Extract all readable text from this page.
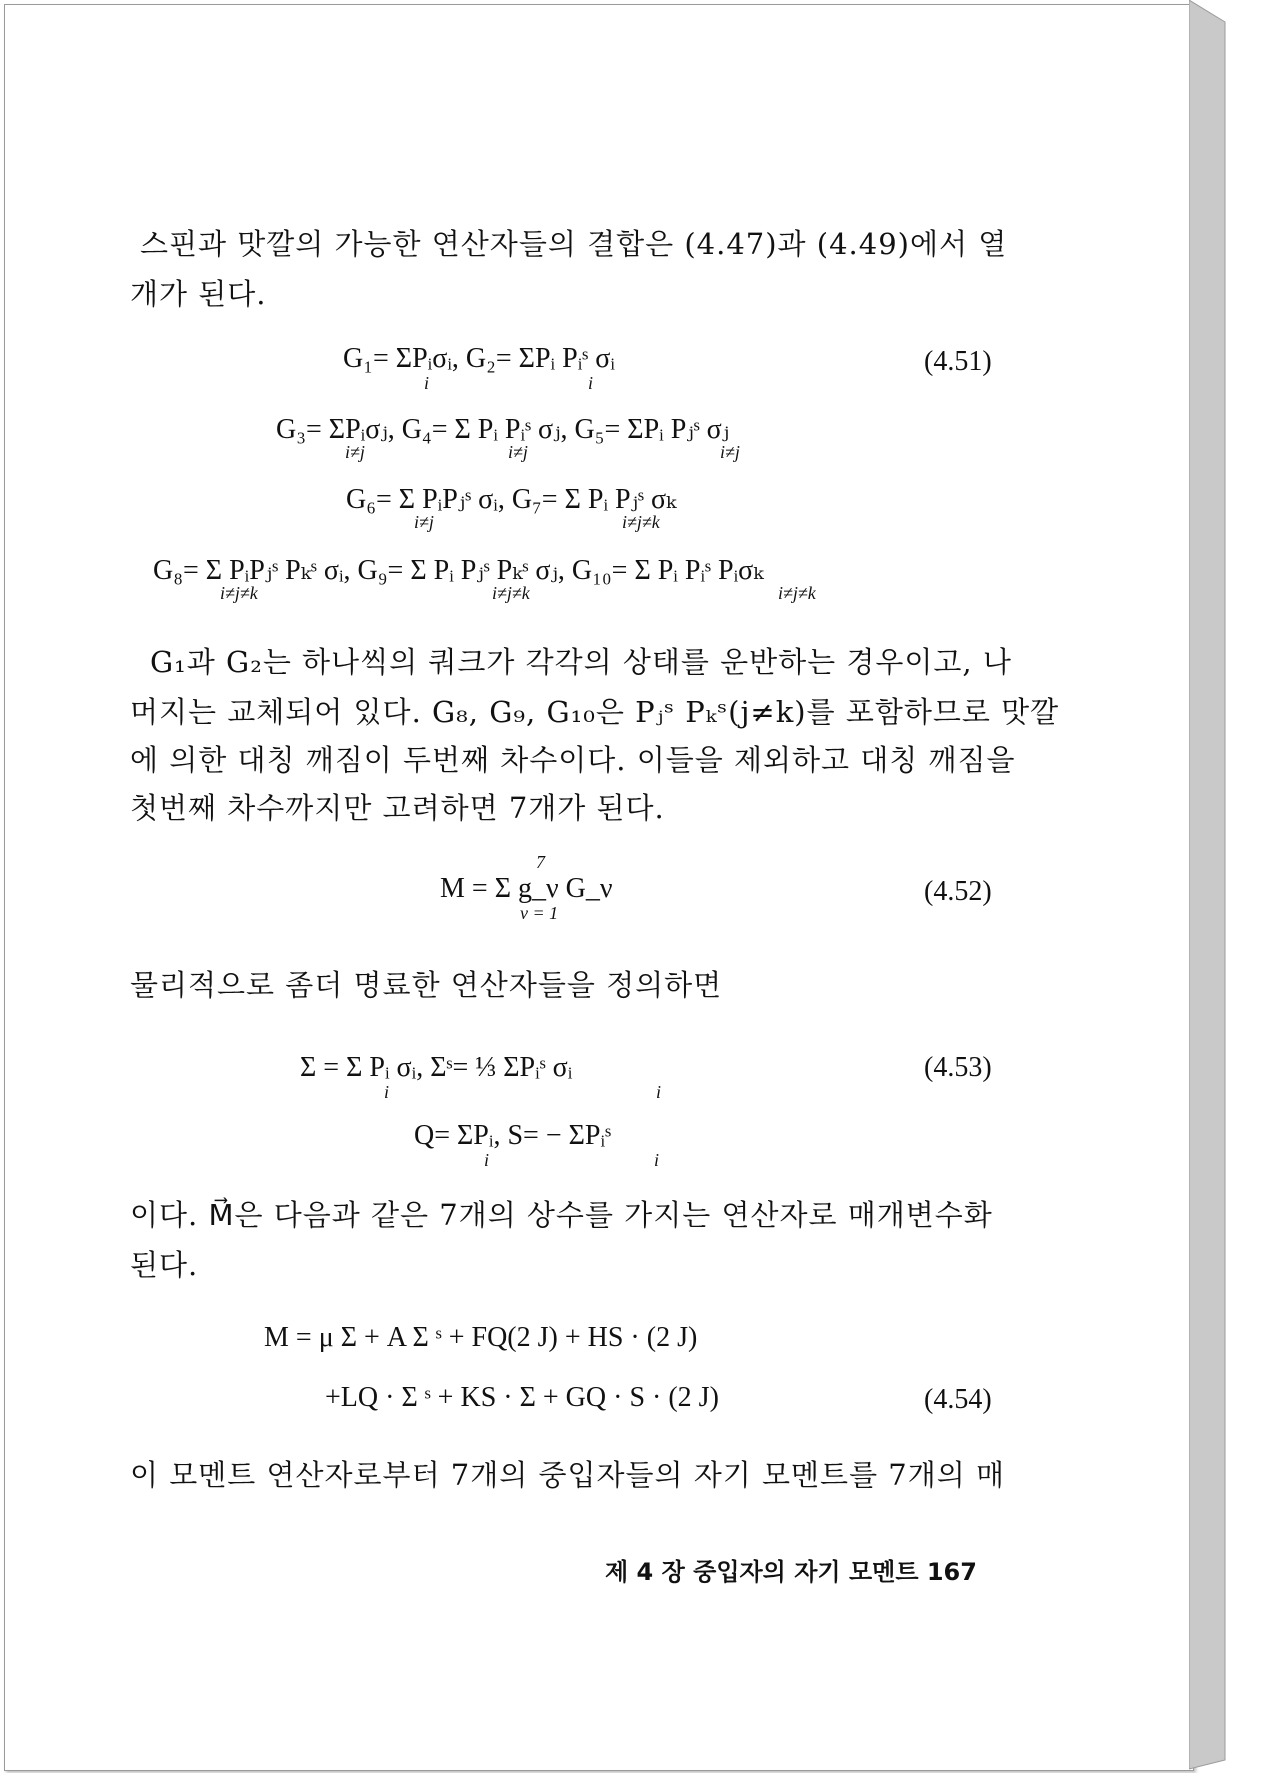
스핀과 맛깔의 가능한 연산자들의 결합은 (4.47)과 (4.49)에서 열
개가 된다.
G₁= ΣPᵢσᵢ, G₂= ΣPᵢ Pᵢˢ σᵢ
i	i
(4.51)
G₃= ΣPᵢσⱼ, G₄= Σ Pᵢ Pᵢˢ σⱼ, G₅= ΣPᵢ Pⱼˢ σⱼ
i≠j	i≠j	i≠j
G₆= Σ PᵢPⱼˢ σᵢ, G₇= Σ Pᵢ Pⱼˢ σₖ
i≠j	i≠j≠k
G₈= Σ PᵢPⱼˢ Pₖˢ σᵢ, G₉= Σ Pᵢ Pⱼˢ Pₖˢ σⱼ, G₁₀= Σ Pᵢ Pᵢˢ Pᵢσₖ
i≠j≠k	i≠j≠k	i≠j≠k
G₁과 G₂는 하나씩의 쿼크가 각각의 상태를 운반하는 경우이고, 나
머지는 교체되어 있다. G₈, G₉, G₁₀은 Pⱼˢ Pₖˢ(j≠k)를 포함하므로 맛깔
에 의한 대칭 깨짐이 두번째 차수이다. 이들을 제외하고 대칭 깨짐을
첫번째 차수까지만 고려하면 7개가 된다.
7
M = Σ g_ν G_ν
ν = 1
(4.52)
물리적으로 좀더 명료한 연산자들을 정의하면
Σ = Σ Pᵢ σᵢ, Σˢ= ⅓ ΣPᵢˢ σᵢ
i	i
(4.53)
Q= ΣPᵢ, S= − ΣPᵢˢ
i	i
이다. M⃗은 다음과 같은 7개의 상수를 가지는 연산자로 매개변수화
된다.
M = μ Σ + A Σ ˢ + FQ(2 J) + HS · (2 J)
+LQ · Σ ˢ + KS · Σ + GQ · S · (2 J)	(4.54)
이 모멘트 연산자로부터 7개의 중입자들의 자기 모멘트를 7개의 매
제 4 장 중입자의 자기 모멘트 167
